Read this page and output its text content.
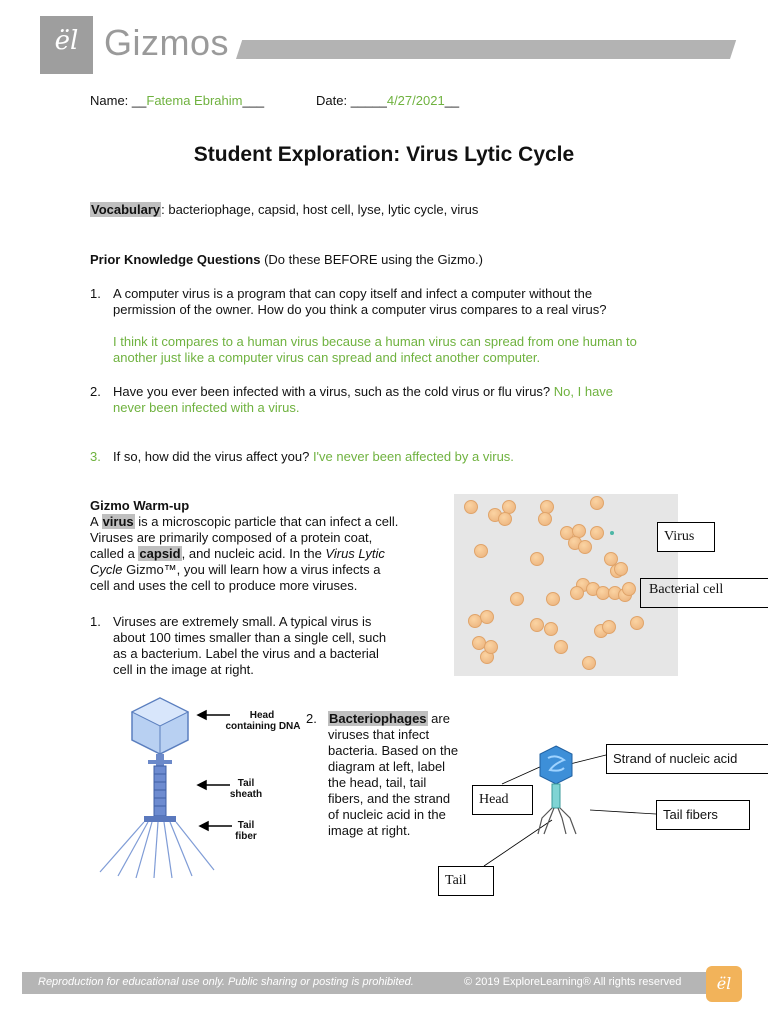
ël Gizmos
Name: __Fatema Ebrahim___	Date: _____4/27/2021__
Student Exploration: Virus Lytic Cycle
Vocabulary: bacteriophage, capsid, host cell, lyse, lytic cycle, virus
Prior Knowledge Questions (Do these BEFORE using the Gizmo.)
1. A computer virus is a program that can copy itself and infect a computer without the
permission of the owner. How do you think a computer virus compares to a real virus?
I think it compares to a human virus because a human virus can spread from one human to
another just like a computer virus can spread and infect another computer.
2. Have you ever been infected with a virus, such as the cold virus or flu virus? No, I have
never been infected with a virus.
3. If so, how did the virus affect you? I've never been affected by a virus.
Gizmo Warm-up
A virus is a microscopic particle that can infect a cell.
Viruses are primarily composed of a protein coat,
called a capsid, and nucleic acid. In the Virus Lytic
Cycle Gizmo™, you will learn how a virus infects a
cell and uses the cell to produce more viruses.
1. Viruses are extremely small. A typical virus is
about 100 times smaller than a single cell, such
as a bacterium. Label the virus and a bacterial
cell in the image at right.
Virus
Bacterial cell
Head
containing DNA
Tail
sheath
Tail
fiber
2. Bacteriophages are
viruses that infect
bacteria. Based on the
diagram at left, label
the head, tail, tail
fibers, and the strand
of nucleic acid in the
image at right.
Strand of nucleic acid
Head
Tail fibers
Tail
Reproduction for educational use only. Public sharing or posting is prohibited.	© 2019 ExploreLearning® All rights reserved	ël
